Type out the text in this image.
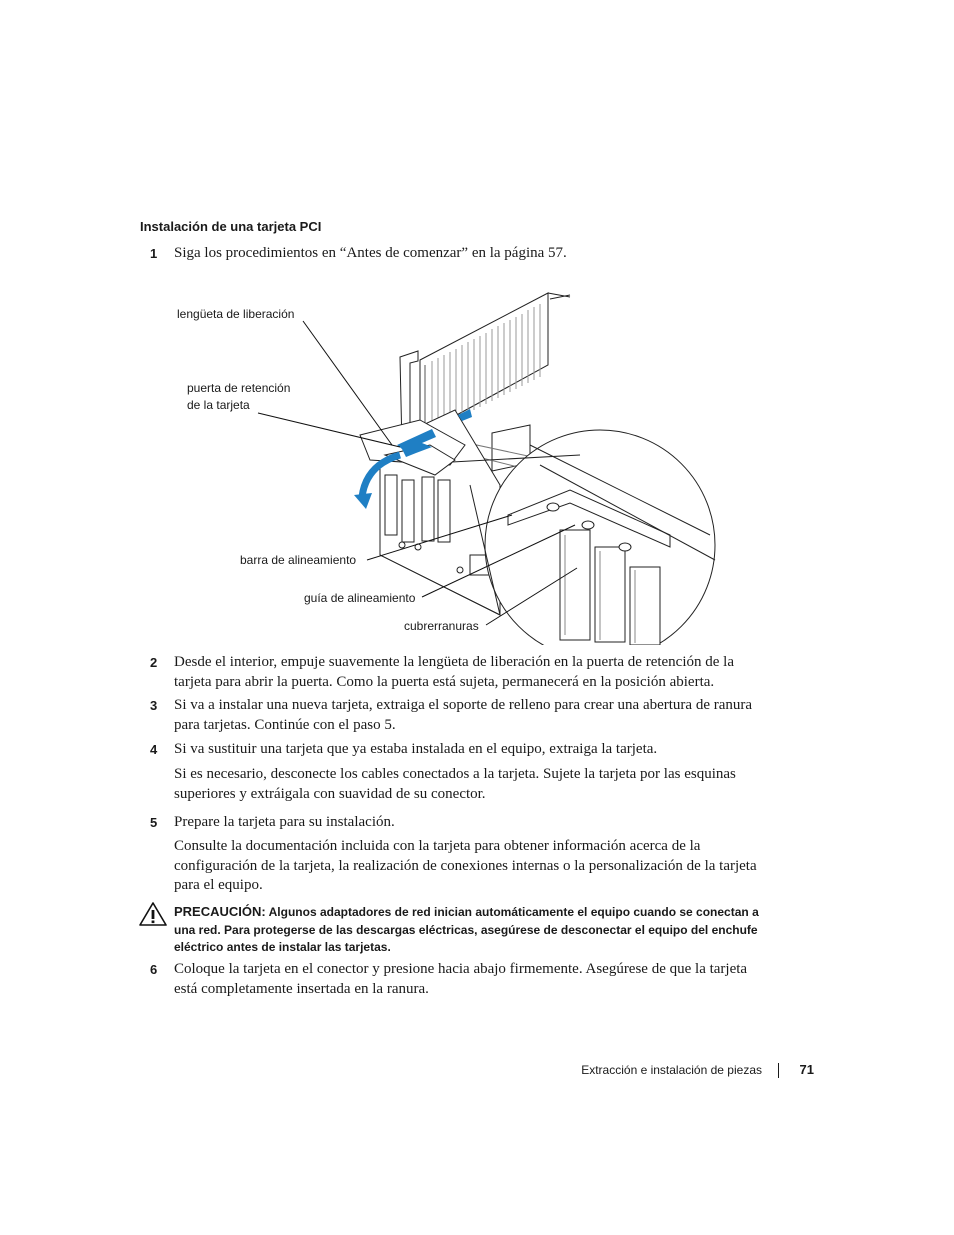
Instalación de una tarjeta PCI
1 Siga los procedimientos en “Antes de comenzar” en la página 57.
lengüeta de liberación
puerta de retención
de la tarjeta
barra de alineamiento
guía de alineamiento
cubrerranuras
2 Desde el interior, empuje suavemente la lengüeta de liberación en la puerta de retención de la tarjeta para abrir la puerta. Como la puerta está sujeta, permanecerá en la posición abierta.
3 Si va a instalar una nueva tarjeta, extraiga el soporte de relleno para crear una abertura de ranura para tarjetas. Continúe con el paso 5.
4 Si va sustituir una tarjeta que ya estaba instalada en el equipo, extraiga la tarjeta.
Si es necesario, desconecte los cables conectados a la tarjeta. Sujete la tarjeta por las esquinas superiores y extráigala con suavidad de su conector.
5 Prepare la tarjeta para su instalación.
Consulte la documentación incluida con la tarjeta para obtener información acerca de la configuración de la tarjeta, la realización de conexiones internas o la personalización de la tarjeta para el equipo.
PRECAUCIÓN: Algunos adaptadores de red inician automáticamente el equipo cuando se conectan a una red. Para protegerse de las descargas eléctricas, asegúrese de desconectar el equipo del enchufe eléctrico antes de instalar las tarjetas.
6 Coloque la tarjeta en el conector y presione hacia abajo firmemente. Asegúrese de que la tarjeta está completamente insertada en la ranura.
Extracción e instalación de piezas	71
